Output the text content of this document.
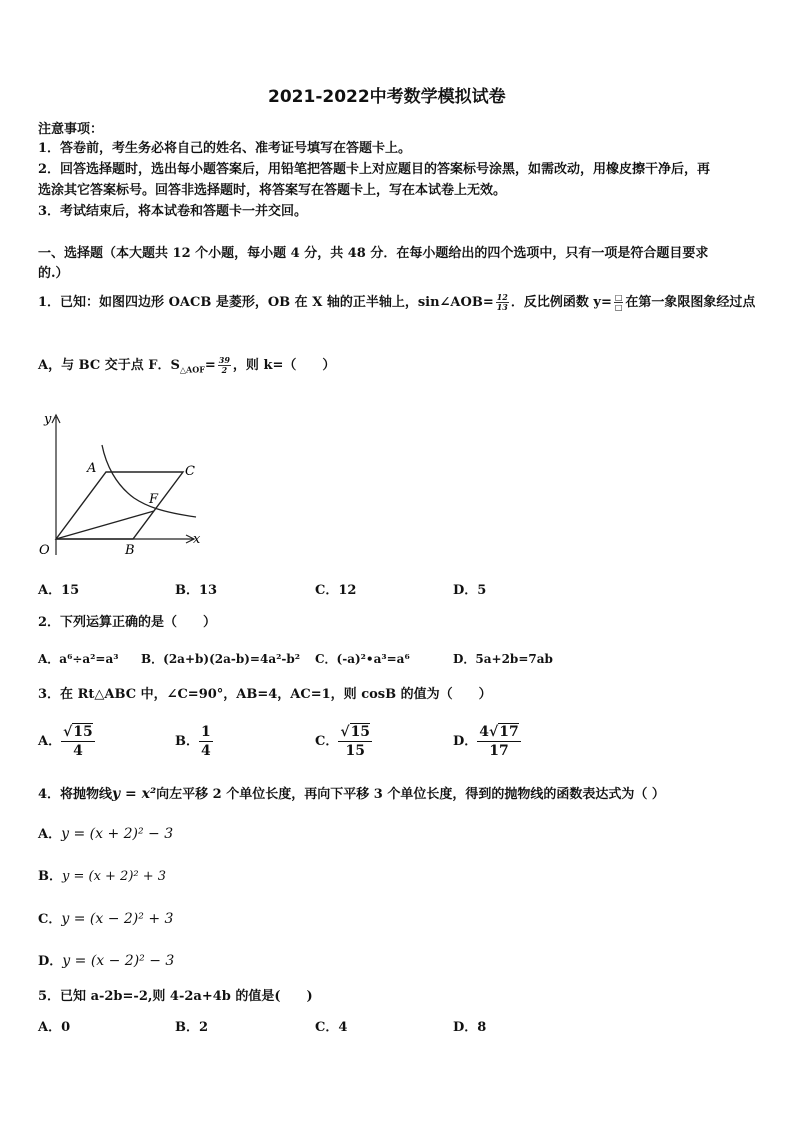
2021-2022中考数学模拟试卷
注意事项：
1．答卷前，考生务必将自己的姓名、准考证号填写在答题卡上。
2．回答选择题时，选出每小题答案后，用铅笔把答题卡上对应题目的答案标号涂黑，如需改动，用橡皮擦干净后，再
选涂其它答案标号。回答非选择题时，将答案写在答题卡上，写在本试卷上无效。
3．考试结束后，将本试卷和答题卡一并交回。
一、选择题（本大题共 12 个小题，每小题 4 分，共 48 分．在每小题给出的四个选项中，只有一项是符合题目要求
的.）
1．已知：如图四边形 OACB 是菱形，OB 在 X 轴的正半轴上，sin∠AOB= $\frac{12}{13}$ ．反比例函数 $y= \frac{□}{□}$ 在第一象限图象经过点
A，与 BC 交于点 F．$S_{\triangle AOF}= \frac{39}{2}$ ，则 k=（　　）
y
x
O
A
B
C
F
A．15	B．13	C．12	D．5
2．下列运算正确的是（　　）
A．a⁶÷a²=a³ B．(2a+b)(2a-b)=4a²-b² C．(-a)²•a³=a⁶	D．5a+2b=7ab
3．在 Rt△ABC 中，∠C=90°，AB=4，AC=1，则 cosB 的值为（　　）
A． $\frac{√15}{4}$	B． $\frac{1}{4}$	C． $\frac{√15}{15}$	D． $\frac{4√17}{17}$
4．将抛物线y = x²向左平移 2 个单位长度，再向下平移 3 个单位长度，得到的抛物线的函数表达式为（ ）
A．y = (x + 2)² − 3
B．y = (x + 2)² + 3
C．y = (x − 2)² + 3
D．y = (x − 2)² − 3
5．已知 a-2b=-2,则 4-2a+4b 的值是(　　)
A．0	B．2	C．4	D．8
